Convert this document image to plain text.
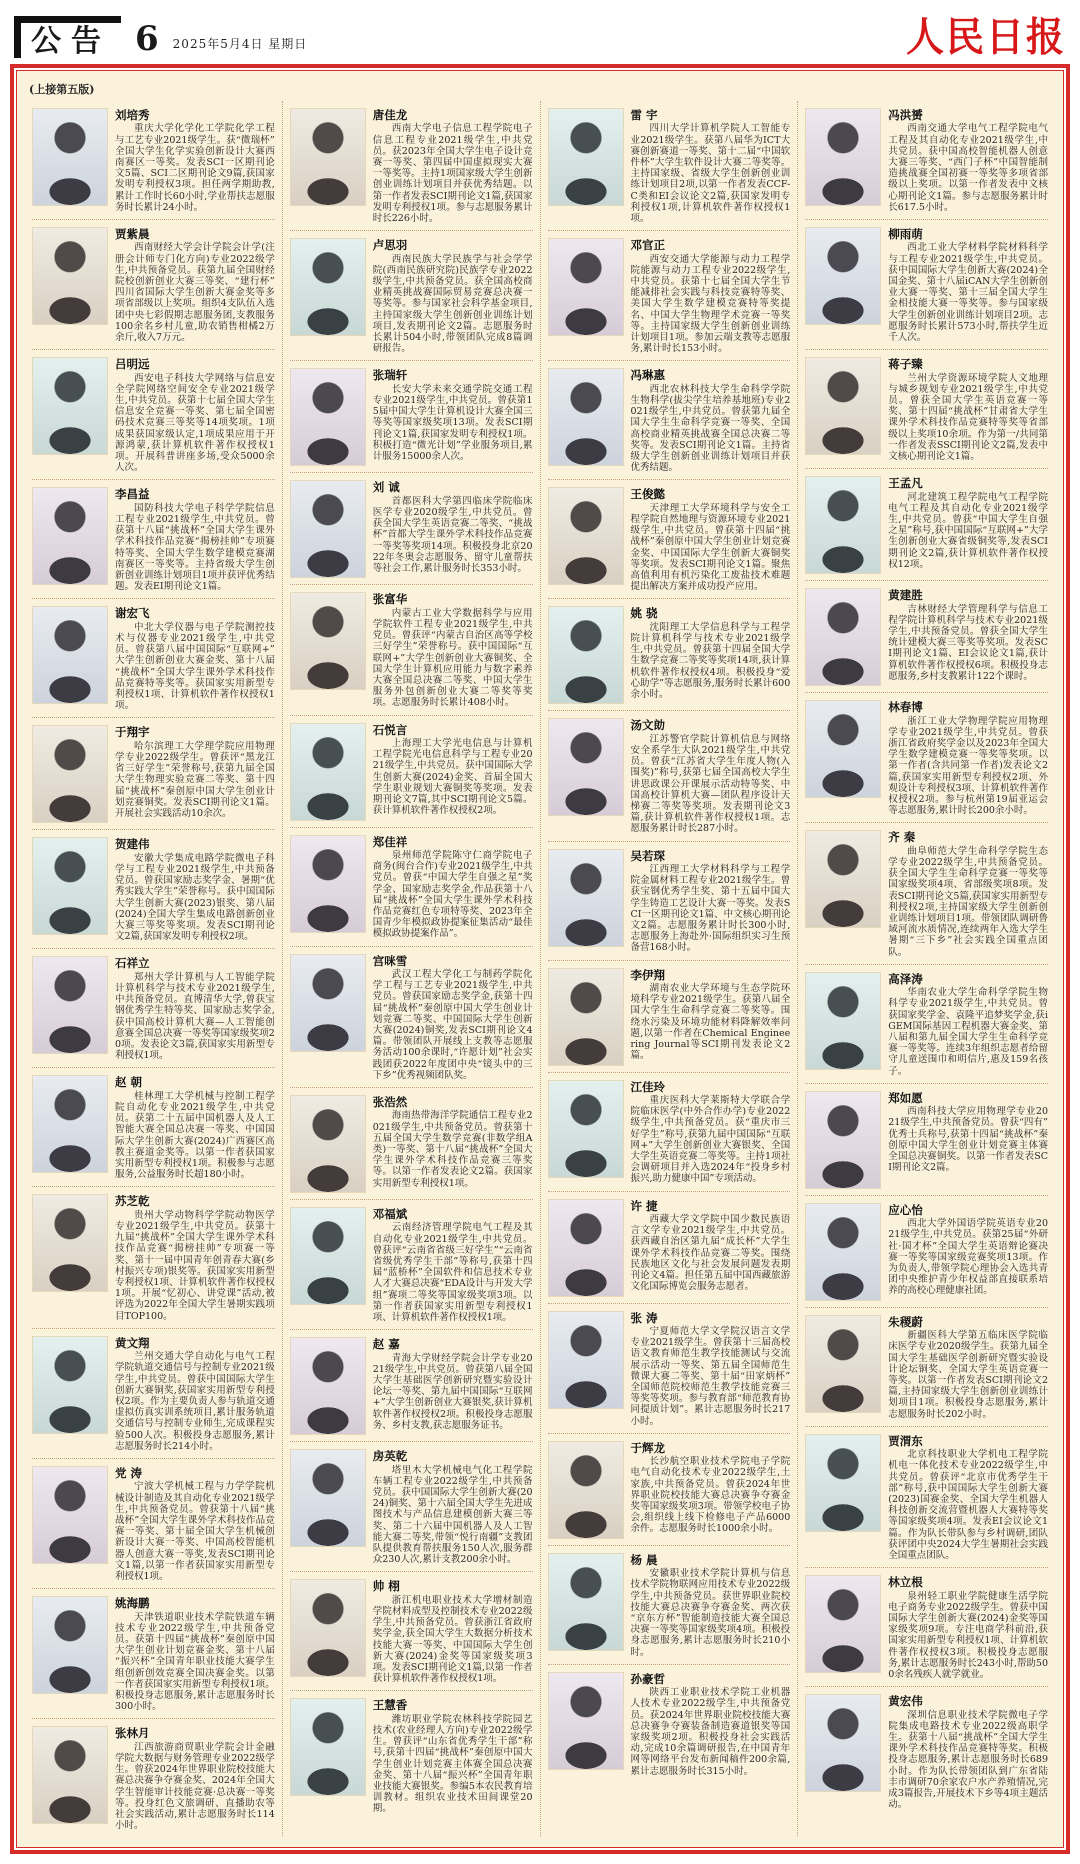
公告 6 2025年5月4日 星期日	人民日报
(上接第五版)
刘培秀
重庆大学化学化工学院化学工程与工艺专业2021级学生。获“微瑞杯”全国大学生化学实验创新设计大赛西南赛区一等奖。发表SCI一区期刊论文5篇、SCI二区期刊论文9篇,获国家发明专利授权3项。担任两学期助教,累计工作时长60小时,学业帮扶志愿服务时长累计24小时。
贾紫晨
西南财经大学会计学院会计学(注册会计师专门化方向)专业2022级学生,中共预备党员。获第九届全国财经院校创新创业大赛三等奖、“建行杯”四川省国际大学生创新大赛金奖等多项省部级以上奖项。组织4支队伍入选团中央七彩假期志愿服务团,支教服务100余名乡村儿童,助农销售柑橘2万余斤,收入7万元。
吕明远
西安电子科技大学网络与信息安全学院网络空间安全专业2021级学生,中共党员。获第十七届全国大学生信息安全竞赛一等奖、第七届全国密码技术竞赛三等奖等14项奖项。1项成果获国家级认定,1项成果应用于开源鸿蒙,获计算机软件著作权授权1项。开展科普讲座多场,受众5000余人次。
李昌益
国防科技大学电子科学学院信息工程专业2021级学生,中共党员。曾获第十八届“挑战杯”全国大学生课外学术科技作品竞赛“揭榜挂帅”专项赛特等奖、全国大学生数学建模竞赛湖南赛区一等奖等。主持省级大学生创新创业训练计划项目1项并获评优秀结题。发表EI期刊论文1篇。
谢宏飞
中北大学仪器与电子学院测控技术与仪器专业2021级学生,中共党员。曾获第八届中国国际“互联网+”大学生创新创业大赛金奖、第十八届“挑战杯”全国大学生课外学术科技作品竞赛特等奖等。获国家实用新型专利授权1项、计算机软件著作权授权1项。
于翔宇
哈尔滨理工大学理学院应用物理学专业2022级学生。曾获评“黑龙江省三好学生”荣誉称号,获第九届全国大学生物理实验竞赛二等奖、第十四届“挑战杯”秦创原中国大学生创业计划竞赛铜奖。发表SCI期刊论文1篇。开展社会实践活动10余次。
贺建伟
安徽大学集成电路学院微电子科学与工程专业2021级学生,中共预备党员。曾获国家励志奖学金、暑期“优秀实践大学生”荣誉称号。获中国国际大学生创新大赛(2023)银奖、第八届(2024)全国大学生集成电路创新创业大赛三等奖等奖项。发表SCI期刊论文2篇,获国家发明专利授权2项。
石祥立
郑州大学计算机与人工智能学院计算机科学与技术专业2021级学生,中共预备党员。直博清华大学,曾获宝钢优秀学生特等奖、国家励志奖学金,获中国高校计算机大赛—人工智能创意赛全国总决赛一等奖等国家级奖项20项。发表论文3篇,获国家实用新型专利授权1项。
赵 朝
桂林理工大学机械与控制工程学院自动化专业2021级学生,中共党员。获第二十五届中国机器人及人工智能大赛全国总决赛一等奖、中国国际大学生创新大赛(2024)广西赛区高教主赛道金奖等。以第一作者获国家实用新型专利授权1项。积极参与志愿服务,公益服务时长超180小时。
苏芝乾
贵州大学动物科学学院动物医学专业2021级学生,中共党员。获第十九届“挑战杯”全国大学生课外学术科技作品竞赛“揭榜挂帅”专项赛一等奖、第十一届中国青年创青春大赛(乡村振兴专项)银奖等。获国家实用新型专利授权1项、计算机软件著作权授权1项。开展“忆初心、讲党课”活动,被评选为2022年全国大学生暑期实践项目TOP100。
黄文翔
兰州交通大学自动化与电气工程学院轨道交通信号与控制专业2021级学生,中共党员。曾获中国国际大学生创新大赛铜奖,获国家实用新型专利授权2项。作为主要负责人参与轨道交通虚拟仿真实训系统项目,累计服务轨道交通信号与控制专业师生,完成课程实验500人次。积极投身志愿服务,累计志愿服务时长214小时。
党 涛
宁波大学机械工程与力学学院机械设计制造及其自动化专业2021级学生,中共预备党员。曾获第十八届“挑战杯”全国大学生课外学术科技作品竞赛一等奖、第十届全国大学生机械创新设计大赛一等奖、中国高校智能机器人创意大赛一等奖,发表SCI期刊论文1篇,以第一作者获国家实用新型专利授权1项。
姚海鹏
天津铁道职业技术学院铁道车辆技术专业2022级学生,中共预备党员。获第十四届“挑战杯”秦创原中国大学生创业计划竞赛金奖、第十八届“振兴杯”全国青年职业技能大赛学生组创新创效竞赛全国决赛金奖。以第一作者获国家实用新型专利授权1项。积极投身志愿服务,累计志愿服务时长300小时。
张林月
江西旅游商贸职业学院会计金融学院大数据与财务管理专业2022级学生。曾获2024年世界职业院校技能大赛总决赛争夺赛金奖、2024年全国大学生智能审计技能竞赛·总决赛一等奖等。投身红色文旅调研、直播助农等社会实践活动,累计志愿服务时长114小时。
唐佳龙
西南大学电子信息工程学院电子信息工程专业2021级学生,中共党员。获2023年全国大学生电子设计竞赛一等奖、第四届中国虚拟现实大赛一等奖等。主持1项国家级大学生创新创业训练计划项目并获优秀结题。以第一作者发表SCI期刊论文1篇,获国家发明专利授权1项。参与志愿服务累计时长226小时。
卢思羽
西南民族大学民族学与社会学学院(西南民族研究院)民族学专业2022级学生,中共预备党员。获全国高校商业精英挑战赛国际贸易竞赛总决赛一等奖等。参与国家社会科学基金项目,主持国家级大学生创新创业训练计划项目,发表期刊论文2篇。志愿服务时长累计504小时,带领团队完成8篇调研报告。
张瑞轩
长安大学未来交通学院交通工程专业2021级学生,中共党员。曾获第15届中国大学生计算机设计大赛全国三等奖等国家级奖项13项。发表SCI期刊论文1篇,获国家发明专利授权1项。积极打造“微光计划”学业服务项目,累计服务15000余人次。
刘 诚
首都医科大学第四临床学院临床医学专业2020级学生,中共党员。曾获全国大学生英语竞赛二等奖、“挑战杯”首都大学生课外学术科技作品竞赛一等奖等奖项14项。积极投身北京2022年冬奥会志愿服务、留守儿童帮扶等社会工作,累计服务时长353小时。
张富华
内蒙古工业大学数据科学与应用学院软件工程专业2021级学生,中共党员。曾获评“内蒙古自治区高等学校三好学生”荣誉称号。获中国国际“互联网+”大学生创新创业大赛铜奖、全国大学生计算机应用能力与数字素养大赛全国总决赛二等奖、中国大学生服务外包创新创业大赛二等奖等奖项。志愿服务时长累计408小时。
石悦言
上海理工大学光电信息与计算机工程学院光电信息科学与工程专业2021级学生,中共党员。获中国国际大学生创新大赛(2024)金奖、首届全国大学生职业规划大赛铜奖等奖项。发表期刊论文7篇,其中SCI期刊论文5篇。获计算机软件著作权授权2项。
郑佳祥
泉州师范学院陈守仁商学院电子商务(闽台合作)专业2021级学生,中共党员。曾获“中国大学生自强之星”奖学金、国家励志奖学金,作品获第十八届“挑战杯”全国大学生课外学术科技作品竞赛红色专项特等奖、2023年全国青少年模拟政协提案征集活动“最佳模拟政协提案作品”。
宫咪雪
武汉工程大学化工与制药学院化学工程与工艺专业2021级学生,中共党员。曾获国家励志奖学金,获第十四届“挑战杯”秦创原中国大学生创业计划竞赛二等奖、中国国际大学生创新大赛(2024)铜奖,发表SCI期刊论文4篇。带领团队开展线上支教等志愿服务活动100余课时,“许愿计划”社会实践团获2022年度团中央“镜头中的三下乡”优秀视频团队奖。
张浩然
海南热带海洋学院通信工程专业2021级学生,中共预备党员。曾获第十五届全国大学生数学竞赛(非数学组A类)一等奖、第十八届“挑战杯”全国大学生课外学术科技作品竞赛三等奖等。以第一作者发表论文2篇。获国家实用新型专利授权1项。
邓福斌
云南经济管理学院电气工程及其自动化专业2021级学生,中共党员。曾获评“云南省省级三好学生”“云南省省级优秀学生干部”等称号,获第十四届“蓝桥杯”全国软件和信息技术专业人才大赛总决赛“EDA设计与开发大学组”赛项二等奖等国家级奖项3项。以第一作者获国家实用新型专利授权1项、计算机软件著作权授权1项。
赵 嘉
青海大学财经学院会计学专业2021级学生,中共党员。曾获第八届全国大学生基础医学创新研究暨实验设计论坛一等奖、第九届中国国际“互联网+”大学生创新创业大赛银奖,获计算机软件著作权授权2项。积极投身志愿服务、乡村支教,获志愿服务证书。
房英乾
塔里木大学机械电气化工程学院车辆工程专业2022级学生,中共预备党员。获中国国际大学生创新大赛(2024)铜奖、第十六届全国大学生先进成图技术与产品信息建模创新大赛三等奖、第二十六届中国机器人及人工智能大赛二等奖,带领“悦行南疆”支教团队提供教育帮扶服务150人次,服务群众230人次,累计支教200余小时。
帅 栩
浙江机电职业技术大学增材制造学院材料成型及控制技术专业2022级学生,中共预备党员。曾获浙江省政府奖学金,获全国大学生大数据分析技术技能大赛一等奖、中国国际大学生创新大赛(2024)金奖等国家级奖项3项。发表SCI期刊论文1篇,以第一作者获计算机软件著作权授权1项。
王慧香
潍坊职业学院农林科技学院园艺技术(农业经理人方向)专业2022级学生。曾获评“山东省优秀学生干部”称号,获第十四届“挑战杯”秦创原中国大学生创业计划竞赛主体赛全国总决赛金奖、第十八届“振兴杯”全国青年职业技能大赛银奖。参编5本农民教育培训教材。组织农业技术田间课堂20期。
雷 宇
四川大学计算机学院人工智能专业2021级学生。获第八届华为ICT大赛创新赛道一等奖、第十二届“中国软件杯”大学生软件设计大赛二等奖等。主持国家级、省级大学生创新创业训练计划项目2项,以第一作者发表CCF-C类和EI会议论文2篇,获国家发明专利授权1项,计算机软件著作权授权1项。
邓官正
西安交通大学能源与动力工程学院能源与动力工程专业2022级学生,中共党员。获第十七届全国大学生节能减排社会实践与科技竞赛特等奖、美国大学生数学建模竞赛特等奖提名、中国大学生物理学术竞赛一等奖等。主持国家级大学生创新创业训练计划项目1项。参加云端支教等志愿服务,累计时长153小时。
冯琳惠
西北农林科技大学生命科学学院生物科学(拔尖学生培养基地班)专业2021级学生,中共党员。曾获第九届全国大学生生命科学竞赛一等奖、全国高校商业精英挑战赛全国总决赛二等奖等。发表SCI期刊论文1篇。主持省级大学生创新创业训练计划项目并获优秀结题。
王俊懿
天津理工大学环境科学与安全工程学院自然地理与资源环境专业2021级学生,中共党员。曾获第十四届“挑战杯”秦创原中国大学生创业计划竞赛金奖、中国国际大学生创新大赛铜奖等奖项。发表SCI期刊论文1篇。聚焦高值利用有机污染化工废盐技术难题提出解决方案并成功投产应用。
姚 骁
沈阳理工大学信息科学与工程学院计算机科学与技术专业2021级学生,中共党员。曾获第十四届全国大学生数学竞赛二等奖等奖项14项,获计算机软件著作权授权4项。积极投身“爱心助学”等志愿服务,服务时长累计600余小时。
汤文勆
江苏警官学院计算机信息与网络安全系学生大队2021级学生,中共党员。曾获“江苏省大学生年度人物(入围奖)”称号,获第七届全国高校大学生讲思政课公开课展示活动特等奖、中国高校计算机大赛—团队程序设计天梯赛二等奖等奖项。发表期刊论文3篇,获计算机软件著作权授权1项。志愿服务累计时长287小时。
吴若琛
江西理工大学材料科学与工程学院金属材料工程专业2021级学生。曾获宝钢优秀学生奖、第十五届中国大学生铸造工艺设计大赛一等奖。发表SCI一区期刊论文1篇、中文核心期刊论文2篇。志愿服务累计时长300小时,志愿服务上海赴外·国际组织实习生预备营168小时。
李伊翔
湖南农业大学环境与生态学院环境科学专业2021级学生。获第八届全国大学生生命科学竞赛二等奖等。围绕水污染及环境功能材料降解效率问题,以第一作者在Chemical Engineering Journal等SCI期刊发表论文2篇。
江佳玲
重庆医科大学莱斯特大学联合学院临床医学(中外合作办学)专业2022级学生,中共预备党员。获“重庆市三好学生”称号,获第九届中国国际“互联网+”大学生创新创业大赛银奖、全国大学生英语竞赛二等奖等。主持1项社会调研项目并入选2024年“投身乡村振兴,助力健康中国”专项活动。
许 捷
西藏大学文学院中国少数民族语言文学专业2021级学生,中共党员。获西藏自治区第九届“成长杯”大学生课外学术科技作品竞赛二等奖。围绕民族地区文化与社会发展问题发表期刊论文4篇。担任第五届中国西藏旅游文化国际博览会服务志愿者。
张 涛
宁夏师范大学文学院汉语言文学专业2021级学生。曾获第十三届高校语文教育师范生教学技能测试与交流展示活动一等奖、第五届全国师范生微课大赛二等奖、第十届“田家炳杯”全国师范院校师范生教学技能竞赛三等奖等奖项。参与教育部“师范教育协同提质计划”。累计志愿服务时长217小时。
于辉龙
长沙航空职业技术学院电子学院电气自动化技术专业2022级学生,土家族,中共预备党员。曾获2024年世界职业院校技能大赛总决赛争夺赛金奖等国家级奖项3项。带领学校电子协会,组织线上线下检修电子产品6000余件。志愿服务时长1000余小时。
杨 晨
安徽职业技术学院计算机与信息技术学院物联网应用技术专业2022级学生,中共预备党员。获世界职业院校技能大赛总决赛争夺赛金奖、两次获“京东方杯”智能制造技能大赛全国总决赛一等奖等国家级奖项4项。积极投身志愿服务,累计志愿服务时长210小时。
孙豪哲
陕西工业职业技术学院工业机器人技术专业2022级学生,中共预备党员。获2024年世界职业院校技能大赛总决赛争夺赛装备制造赛道银奖等国家级奖项2项。积极投身社会实践活动,完成10余篇调研报告,在中国青年网等网络平台发布新闻稿件200余篇,累计志愿服务时长315小时。
冯洪赟
西南交通大学电气工程学院电气工程及其自动化专业2021级学生,中共党员。获中国高校智能机器人创意大赛三等奖、“西门子杯”中国智能制造挑战赛全国初赛一等奖等多项省部级以上奖项。以第一作者发表中文核心期刊论文1篇。参与志愿服务累计时长617.5小时。
柳雨萌
西北工业大学材料学院材料科学与工程专业2021级学生,中共党员。获中国国际大学生创新大赛(2024)全国金奖、第十八届iCAN大学生创新创业大赛一等奖、第十三届全国大学生金相技能大赛一等奖等。参与国家级大学生创新创业训练计划项目2项。志愿服务时长累计573小时,帮扶学生近千人次。
蒋子臻
兰州大学资源环境学院人文地理与城乡规划专业2021级学生,中共党员。曾获全国大学生英语竞赛一等奖、第十四届“挑战杯”甘肃省大学生课外学术科技作品竞赛特等奖等省部级以上奖项10余项。作为第一/共同第一作者发表SSCI期刊论文2篇,发表中文核心期刊论文1篇。
王孟凡
河北建筑工程学院电气工程学院电气工程及其自动化专业2021级学生,中共党员。曾获“中国大学生自强之星”称号,获中国国际“互联网+”大学生创新创业大赛省级铜奖等,发表SCI期刊论文2篇,获计算机软件著作权授权12项。
黄建胜
吉林财经大学管理科学与信息工程学院计算机科学与技术专业2021级学生,中共预备党员。曾获全国大学生统计建模大赛三等奖等奖项。发表SCI期刊论文1篇、EI会议论文1篇,获计算机软件著作权授权6项。积极投身志愿服务,乡村支教累计122个课时。
林春博
浙江工业大学物理学院应用物理学专业2021级学生,中共党员。曾获浙江省政府奖学金以及2023年全国大学生数学建模竞赛一等奖等奖项。以第一作者(含共同第一作者)发表论文2篇,获国家实用新型专利授权2项、外观设计专利授权3项、计算机软件著作权授权2项。参与杭州第19届亚运会等志愿服务,累计时长200余小时。
齐 秦
曲阜师范大学生命科学学院生态学专业2022级学生,中共预备党员。获全国大学生生命科学竞赛一等奖等国家级奖项4项、省部级奖项8项。发表SCI期刊论文5篇,获国家实用新型专利授权2项,主持国家级大学生创新创业训练计划项目1项。带领团队调研鲁域河流水质情况,连续两年入选大学生暑期“三下乡”社会实践全国重点团队。
高泽涛
华南农业大学生命科学学院生物科学专业2021级学生,中共党员。曾获国家奖学金、袁隆平追梦奖学金,获iGEM国际基因工程机器大赛金奖、第八届和第九届全国大学生生命科学竞赛一等奖等。连续3年组织志愿者给留守儿童送围巾和明信片,惠及159名孩子。
郑如愿
西南科技大学应用物理学专业2021级学生,中共预备党员。曾获“四有”优秀士兵称号,获第十四届“挑战杯”秦创原中国大学生创业计划竞赛主体赛全国总决赛铜奖。以第一作者发表SCI期刊论文2篇。
应心怡
西北大学外国语学院英语专业2021级学生,中共党员。获第25届“外研社·国才杯”全国大学生英语辩论赛决赛一等奖等国家级竞赛奖项13项。作为负责人,带领学院心理协会入选共青团中央维护青少年权益部直接联系培养的高校心理健康社团。
朱稷蔚
新疆医科大学第五临床医学院临床医学专业2020级学生。获第九届全国大学生基础医学创新研究暨实验设计论坛铜奖、全国大学生英语竞赛一等奖。以第一作者发表SCI期刊论文2篇,主持国家级大学生创新创业训练计划项目1项。积极投身志愿服务,累计志愿服务时长202小时。
贾渭东
北京科技职业大学机电工程学院机电一体化技术专业2022级学生,中共党员。曾获评“北京市优秀学生干部”称号,获中国国际大学生创新大赛(2023)国赛金奖、全国大学生机器人科技创新交流营暨机器人大赛特等奖等国家级奖项4项。发表EI会议论文1篇。作为队长带队参与乡村调研,团队获评团中央2024大学生暑期社会实践全国重点团队。
林立根
泉州轻工职业学院健康生活学院电子商务专业2022级学生。曾获中国国际大学生创新大赛(2024)金奖等国家级奖项9项。专注电商学科前沿,获国家实用新型专利授权1项、计算机软件著作权授权3项。积极投身志愿服务,累计志愿服务时长243小时,帮助500余名残疾人就学就业。
黄宏伟
深圳信息职业技术学院微电子学院集成电路技术专业2022级高职学生。获第十八届“挑战杯”全国大学生课外学术科技作品竞赛特等奖。积极投身志愿服务,累计志愿服务时长689小时。作为队长带领团队到广东省陆丰市调研70余家农户水产养殖情况,完成3篇报告,开展技术下乡等4项主题活动。
